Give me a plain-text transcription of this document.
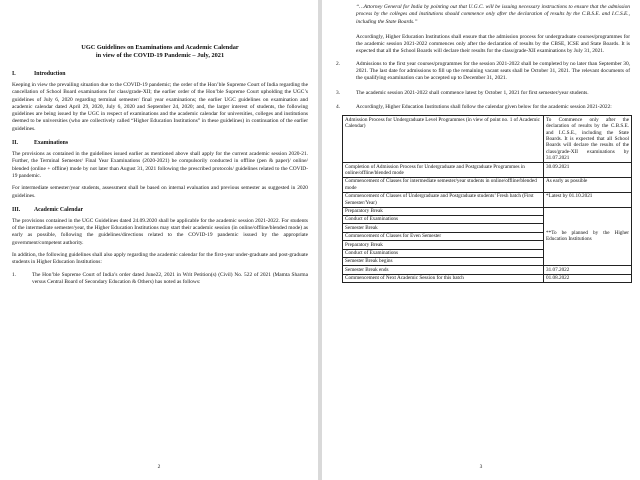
UGC Guidelines on Examinations and Academic Calendar
in view of the COVID-19 Pandemic – July, 2021
I.	Introduction

Keeping in view the prevailing situation due to the COVID-19 pandemic; the order of the Hon’ble Supreme Court of India regarding the cancellation of School Board examinations for class/grade-XII; the earlier order of the Hon’ble Supreme Court upholding the UGC’s guidelines of July 6, 2020 regarding terminal semester/ final year examinations; the earlier UGC guidelines on examination and academic calendar dated April 29, 2020, July 6, 2020 and September 24, 2020; and, the larger interest of students, the following guidelines are being issued by the UGC in respect of examinations and the academic calendar for universities, colleges and institutions deemed to be universities (who are collectively called “Higher Education Institutions” in these guidelines) in continuation of the earlier guidelines.

II.	Examinations

The provisions as contained in the guidelines issued earlier as mentioned above shall apply for the current academic session 2020-21. Further, the Terminal Semester/ Final Year Examinations (2020-2021) be compulsorily conducted in offline (pen & paper)/ online/ blended (online + offline) mode by not later than August 31, 2021 following the prescribed protocols/ guidelines related to the COVID-19 pandemic.

For intermediate semester/year students, assessment shall be based on internal evaluation and previous semester as suggested in 2020 guidelines.

III.	Academic Calendar

The provisions contained in the UGC Guidelines dated 24.09.2020 shall be applicable for the academic session 2021-2022. For students of the intermediate semester/year, the Higher Education Institutions may start their academic session (in online/offline/blended mode) as early as possible, following the guidelines/directions related to the COVID-19 pandemic issued by the appropriate government/competent authority.

In addition, the following guidelines shall also apply regarding the academic calendar for the first-year under-graduate and post-graduate students in Higher Education Institutions:

1.	The Hon’ble Supreme Court of India’s order dated June22, 2021 in Writ Petition(s) (Civil) No. 522 of 2021 (Mamta Sharma versus Central Board of Secondary Education & Others) has noted as follows:
2
“…Attorney General for India by pointing out that U.G.C. will be issuing necessary instructions to ensure that the admission process by the colleges and institutions should commence only after the declaration of results by the C.B.S.E. and I.C.S.E., including the State Boards.”

Accordingly, Higher Education Institutions shall ensure that the admission process for undergraduate courses/programmes for the academic session 2021-2022 commences only after the declaration of results by the CBSE, ICSE and State Boards. It is expected that all the School Boards will declare their results for the class/grade-XII examinations by July 31, 2021.

2.	Admissions to the first year courses/programmes for the session 2021-2022 shall be completed by no later than September 30, 2021. The last date for admissions to fill up the remaining vacant seats shall be October 31, 2021. The relevant documents of the qualifying examination can be accepted up to December 31, 2021.
3.	The academic session 2021-2022 shall commence latest by October 1, 2021 for first semester/year students.
4.	Accordingly, Higher Education Institutions shall follow the calendar given below for the academic session 2021-2022:
Admission Process for Undergraduate Level Programmes (in view of point no. 1 of Academic Calendar)	To Commence only after the declaration of results by the C.B.S.E. and I.C.S.E., including the State Boards. It is expected that all School Boards will declare the results of the class/grade-XII examinations by 31.07.2021
Completion of Admission Process for Undergraduate and Postgraduate Programmes in online/offline/blended mode	30.09.2021
Commencement of Classes for intermediate semester/year students in online/offline/blended mode	As early as possible
Commencement of Classes of Undergraduate and Postgraduate students’ Fresh batch (First Semester/Year)	*Latest by 01.10.2021
Preparatory Break	**To be planned by the Higher Education Institutions
Conduct of Examinations	
Semester Break	
Commencement of Classes for Even Semester	
Preparatory Break	
Conduct of Examinations	
Semester Break begins	
Semester Break ends	31.07.2022
Commencement of Next Academic Session for this batch	01.08.2022
3
